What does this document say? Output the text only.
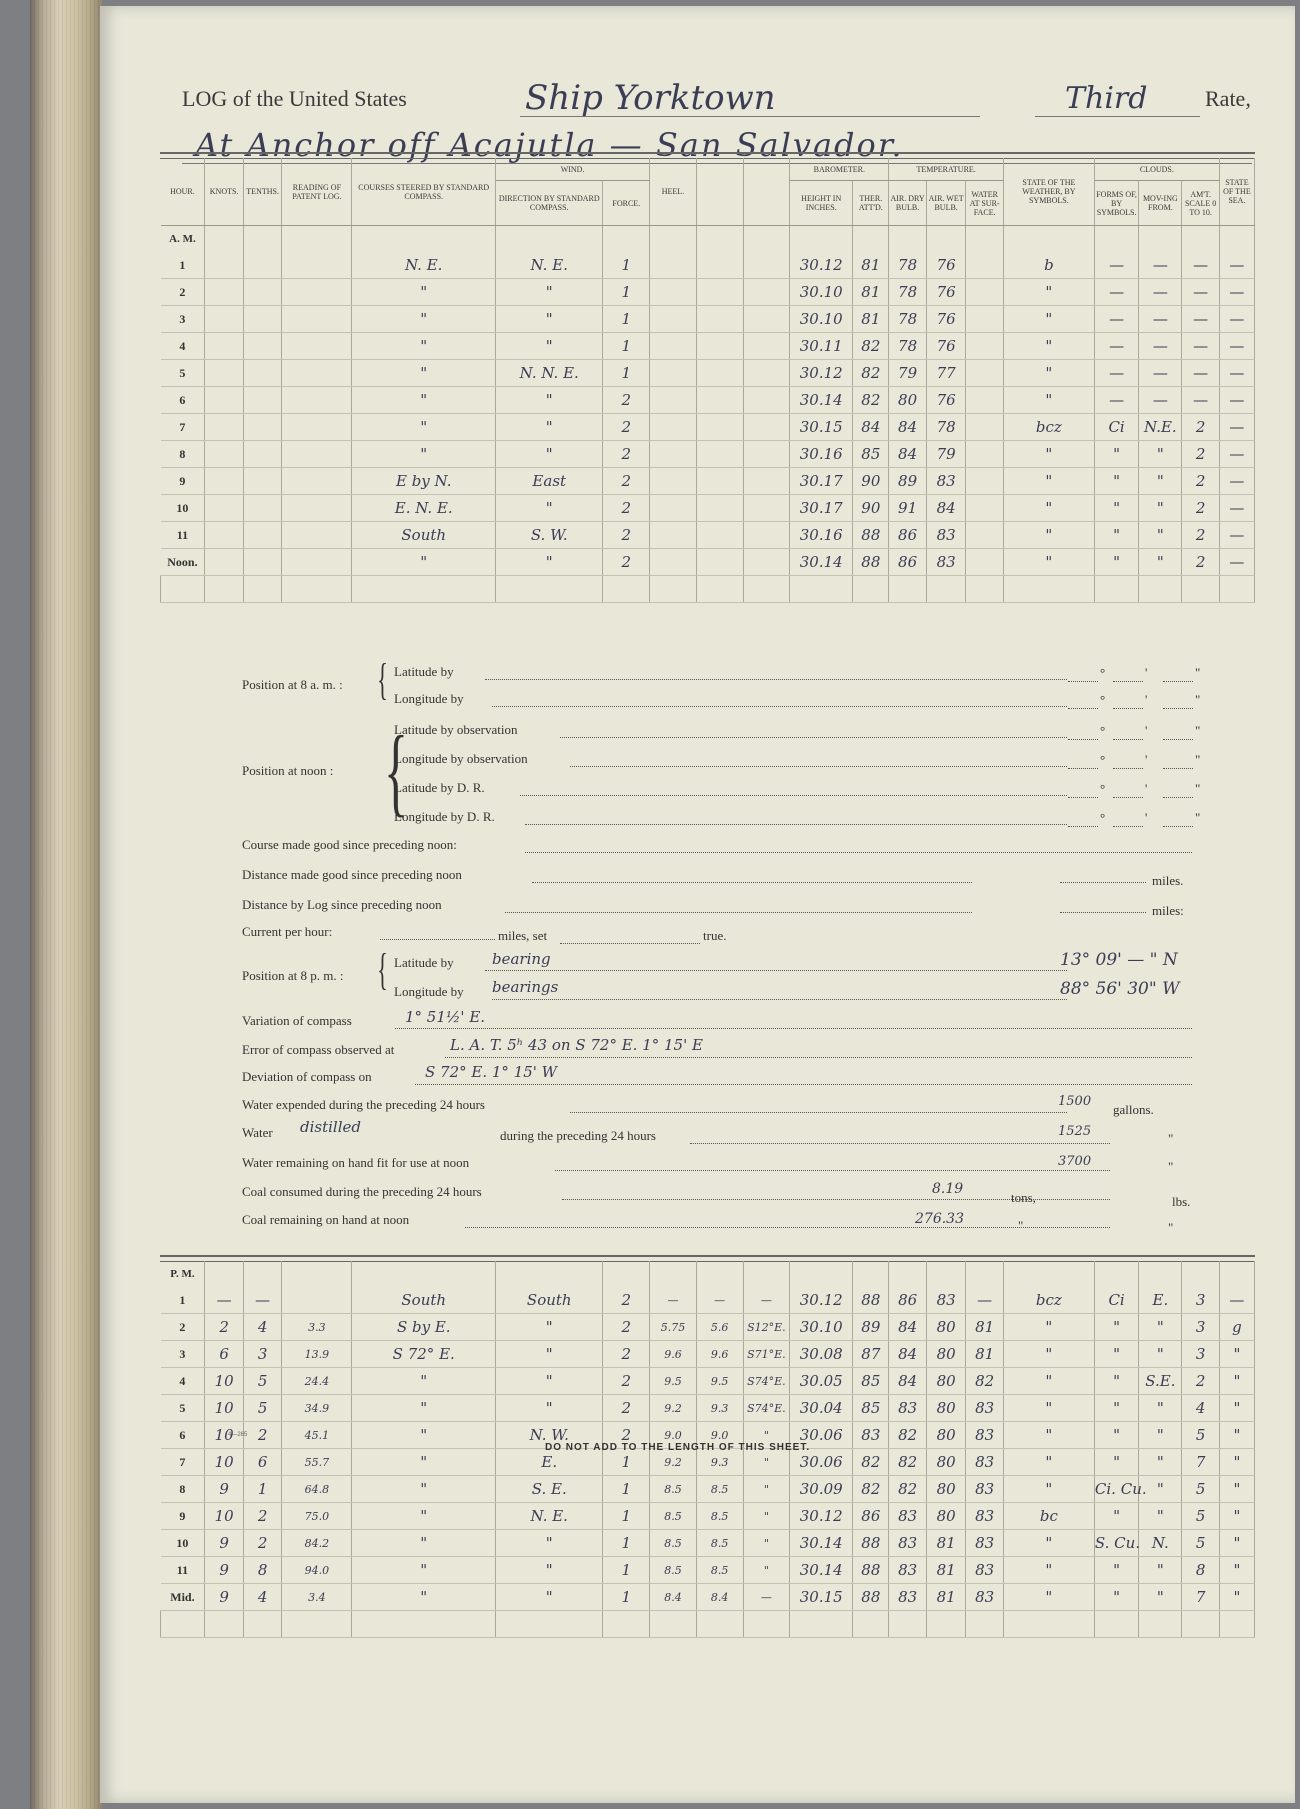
LOG of the United States	Ship Yorktown	Third	Rate,
At Anchor off Acajutla — San Salvador.
HOUR.	KNOTS.	TENTHS.	READING OF PATENT LOG.	COURSES STEERED BY STANDARD COMPASS.	WIND.		HEEL.			BAROMETER.		TEMPERATURE.			STATE OF THE WEATHER, BY SYMBOLS.	CLOUDS.			STATE OF THE SEA.
					DIRECTION BY STANDARD COMPASS.	FORCE.				HEIGHT IN INCHES.	THER. ATT'D.	AIR. DRY BULB.	AIR. WET BULB.	WATER AT SUR-FACE.		FORMS OF, BY SYMBOLS.	MOV-ING FROM.	AM'T. SCALE 0 TO 10.	
A. M.																			
1				N. E.	N. E.	1				30.12	81	78	76		b	—	—	—	—
2				"	"	1				30.10	81	78	76		"	—	—	—	—
3				"	"	1				30.10	81	78	76		"	—	—	—	—
4				"	"	1				30.11	82	78	76		"	—	—	—	—
5				"	N. N. E.	1				30.12	82	79	77		"	—	—	—	—
6				"	"	2				30.14	82	80	76		"	—	—	—	—
7				"	"	2				30.15	84	84	78		bcz	Ci	N.E.	2	—
8				"	"	2				30.16	85	84	79		"	"	"	2	—
9				E by N.	East	2				30.17	90	89	83		"	"	"	2	—
10				E. N. E.	"	2				30.17	90	91	84		"	"	"	2	—
11				South	S. W.	2				30.16	88	86	83		"	"	"	2	—
Noon.				"	"	2				30.14	88	86	83		"	"	"	2	—

Position at 8 a. m. : { Latitude by
Longitude by
Position at noon : {
Latitude by observation
Longitude by observation
Latitude by D. R.
Longitude by D. R.
Course made good since preceding noon:
Distance made good since preceding noon	miles.
Distance by Log since preceding noon	miles:
Current per hour:	miles, set	true.
Position at 8 p. m. : { Latitude by	bearing	13° 09' — " N
Longitude by bearings	88° 56' 30" W
Variation of compass	1° 51½' E.
Error of compass observed at	L. A. T. 5ʰ 43 on S 72° E. 1° 15' E
Deviation of compass on	S 72° E. 1° 15' W
Water expended during the preceding 24 hours	1500
gallons.
Water distilled	during the preceding 24 hours	1525	"
Water remaining on hand fit for use at noon	3700	"
Coal consumed during the preceding 24 hours	8.19
tons,	lbs.
Coal remaining on hand at noon	276.33	"	"
°	'	"
°	'	"
°	'	"
°	'	"
°	'	"
°	'	"
P. M.																			
1	—	—		South	South	2	—	—	—	30.12	88	86	83	—	bcz	Ci	E.	3	—
2	2	4	3.3	S by E.	"	2	5.75	5.6	S12°E.	30.10	89	84	80	81	"	"	"	3	g
3	6	3	13.9	S 72° E.	"	2	9.6	9.6	S71°E.	30.08	87	84	80	81	"	"	"	3	"
4	10	5	24.4	"	"	2	9.5	9.5	S74°E.	30.05	85	84	80	82	"	"	S.E.	2	"
5	10	5	34.9	"	"	2	9.2	9.3	S74°E.	30.04	85	83	80	83	"	"	"	4	"
6	10	2	45.1	"	N. W.	2	9.0	9.0	"	30.06	83	82	80	83	"	"	"	5	"
7	10	6	55.7	"	E.	1	9.2	9.3	"	30.06	82	82	80	83	"	"	"	7	"
8	9	1	64.8	"	S. E.	1	8.5	8.5	"	30.09	82	82	80	83	"	Ci. Cu.	"	5	"
9	10	2	75.0	"	N. E.	1	8.5	8.5	"	30.12	86	83	80	83	bc	"	"	5	"
10	9	2	84.2	"	"	1	8.5	8.5	"	30.14	88	83	81	83	"	S. Cu.	N.	5	"
11	9	8	94.0	"	"	1	8.5	8.5	"	30.14	88	83	81	83	"	"	"	8	"
Mid.	9	4	3.4	"	"	1	8.4	8.4	—	30.15	88	83	81	83	"	"	"	7	"

4—265
DO NOT ADD TO THE LENGTH OF THIS SHEET.
